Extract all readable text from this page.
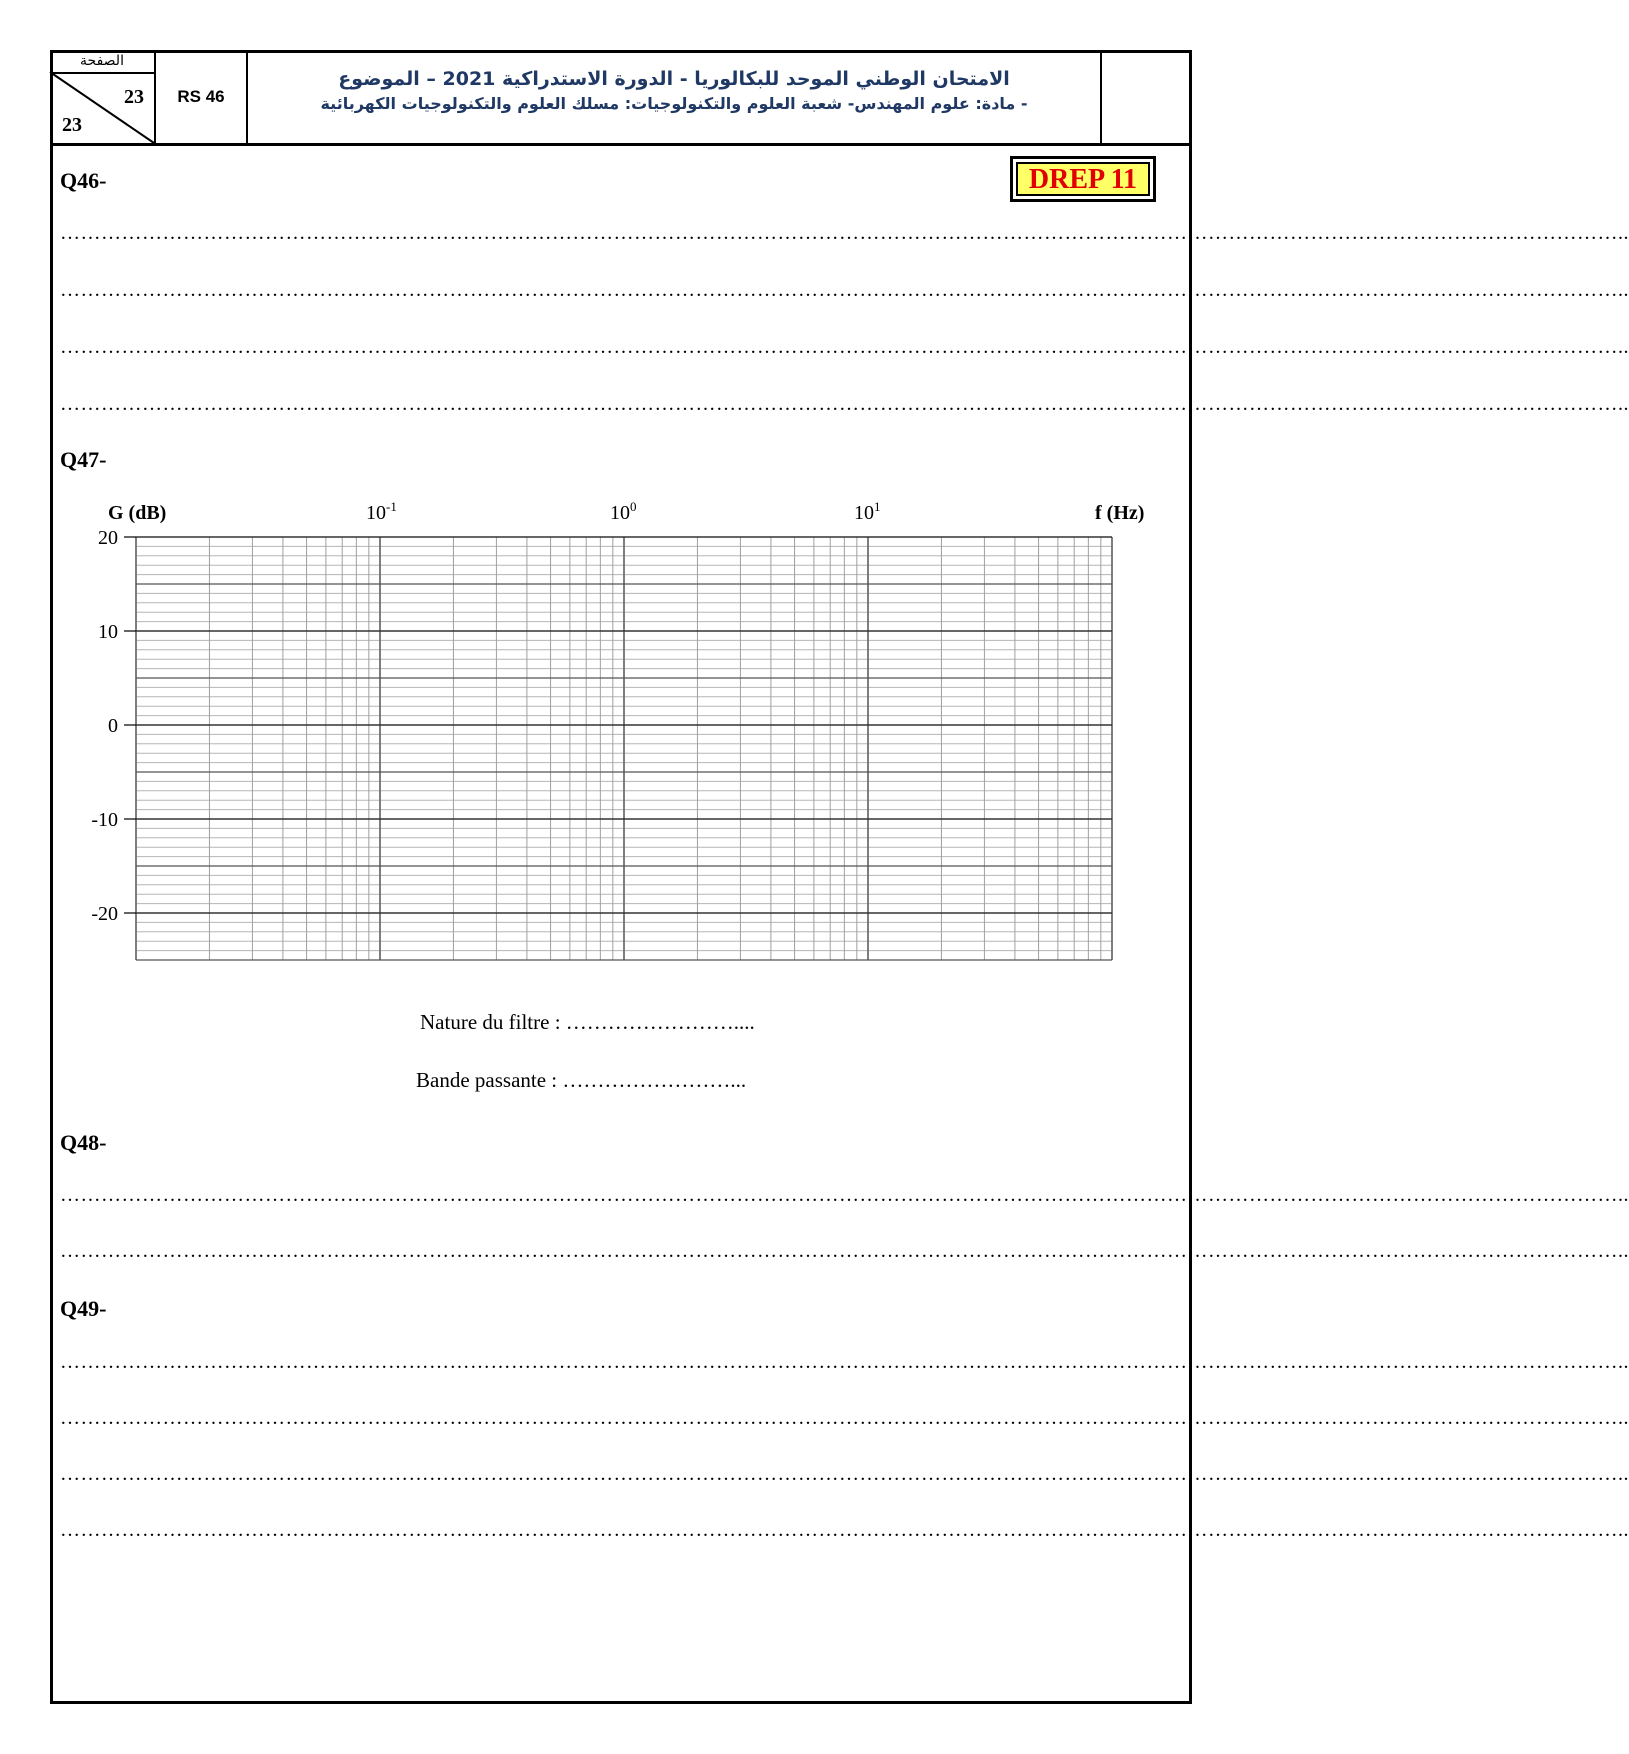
الصفحة
23
23
RS 46
الامتحان الوطني الموحد للبكالوريا - الدورة الاستدراكية 2021 – الموضوع
- مادة: علوم المهندس- شعبة العلوم والتكنولوجيات: مسلك العلوم والتكنولوجيات الكهربائية
DREP 11
Q46-
…………………………………………………………………………………………………………………………………………………………………………………………………………..
…………………………………………………………………………………………………………………………………………………………………………………………………………..
…………………………………………………………………………………………………………………………………………………………………………………………………………..
…………………………………………………………………………………………………………………………………………………………………………………………………………..
Q47-
20
10
0
-10
-20
$10^{-1}$	$10^0$	$10^1$
G (dB)	f (Hz)
Nature du filtre : ……………………....
Bande passante : ……………………...
Q48-
…………………………………………………………………………………………………………………………………………………………………………………………………………..
…………………………………………………………………………………………………………………………………………………………………………………………………………..
Q49-
…………………………………………………………………………………………………………………………………………………………………………………………………………..
…………………………………………………………………………………………………………………………………………………………………………………………………………..
…………………………………………………………………………………………………………………………………………………………………………………………………………..
…………………………………………………………………………………………………………………………………………………………………………………………………………..
